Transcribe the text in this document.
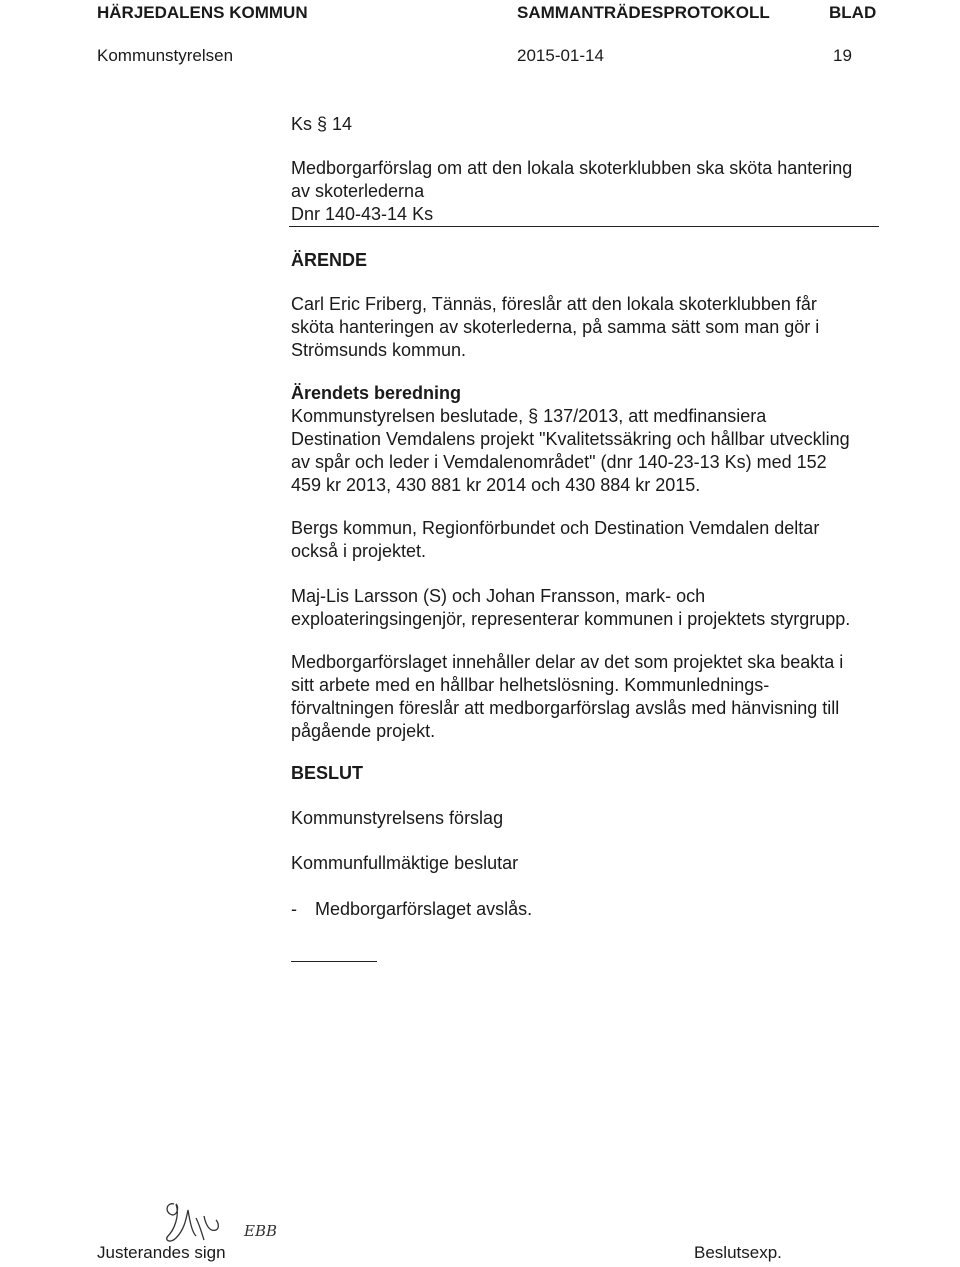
HÄRJEDALENS KOMMUN	SAMMANTRÄDESPROTOKOLL	BLAD
Kommunstyrelsen	2015-01-14	19
Ks § 14
Medborgarförslag om att den lokala skoterklubben ska sköta hantering
av skoterlederna
Dnr 140-43-14 Ks
ÄRENDE
Carl Eric Friberg, Tännäs, föreslår att den lokala skoterklubben får
sköta hanteringen av skoterlederna, på samma sätt som man gör i
Strömsunds kommun.
Ärendets beredning
Kommunstyrelsen beslutade, § 137/2013, att medfinansiera
Destination Vemdalens projekt "Kvalitetssäkring och hållbar utveckling
av spår och leder i Vemdalenområdet" (dnr 140-23-13 Ks) med 152
459 kr 2013, 430 881 kr 2014 och 430 884 kr 2015.
Bergs kommun, Regionförbundet och Destination Vemdalen deltar
också i projektet.
Maj-Lis Larsson (S) och Johan Fransson, mark- och
exploateringsingenjör, representerar kommunen i projektets styrgrupp.
Medborgarförslaget innehåller delar av det som projektet ska beakta i
sitt arbete med en hållbar helhetslösning. Kommunlednings-
förvaltningen föreslår att medborgarförslag avslås med hänvisning till
pågående projekt.
BESLUT
Kommunstyrelsens förslag
Kommunfullmäktige beslutar
- Medborgarförslaget avslås.
EBB
Justerandes sign	Beslutsexp.
